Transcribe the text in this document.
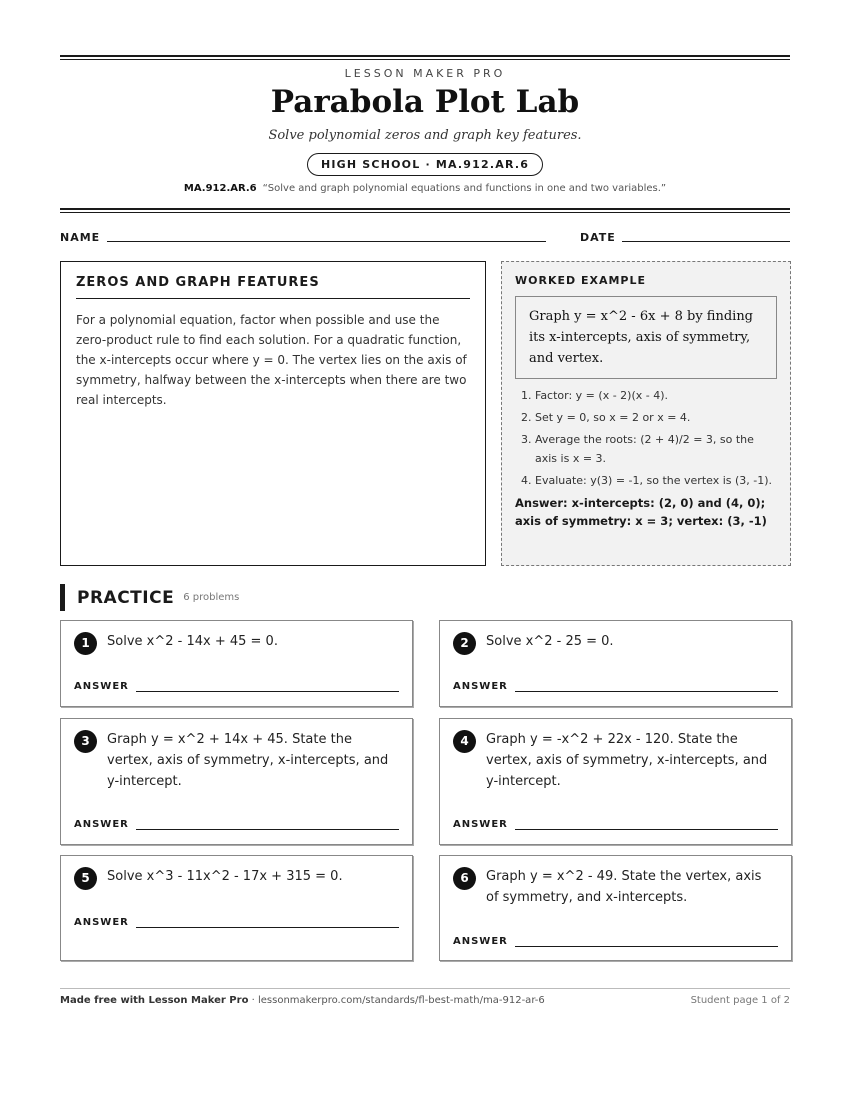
LESSON MAKER PRO
Parabola Plot Lab
Solve polynomial zeros and graph key features.
HIGH SCHOOL · MA.912.AR.6
MA.912.AR.6 “Solve and graph polynomial equations and functions in one and two variables.”
NAME	DATE
ZEROS AND GRAPH FEATURES

For a polynomial equation, factor when possible and use the zero-product rule to find each solution. For a quadratic function, the x-intercepts occur where y = 0. The vertex lies on the axis of symmetry, halfway between the x-intercepts when there are two real intercepts.

WORKED EXAMPLE
Graph y = x^2 - 6x + 8 by finding its x-intercepts, axis of symmetry, and vertex.
1. Factor: y = (x - 2)(x - 4).
2. Set y = 0, so x = 2 or x = 4.
3. Average the roots: (2 + 4)/2 = 3, so the axis is x = 3.
4. Evaluate: y(3) = -1, so the vertex is (3, -1).
Answer: x-intercepts: (2, 0) and (4, 0); axis of symmetry: x = 3; vertex: (3, -1)
PRACTICE 6 problems
1	Solve x^2 - 14x + 45 = 0.
ANSWER
2	Solve x^2 - 25 = 0.
ANSWER
3	Graph y = x^2 + 14x + 45. State the vertex, axis of symmetry, x-intercepts, and y-intercept.
ANSWER
4	Graph y = -x^2 + 22x - 120. State the vertex, axis of symmetry, x-intercepts, and y-intercept.
ANSWER
5	Solve x^3 - 11x^2 - 17x + 315 = 0.
ANSWER
6	Graph y = x^2 - 49. State the vertex, axis of symmetry, and x-intercepts.
ANSWER
Made free with Lesson Maker Pro · lessonmakerpro.com/standards/fl-best-math/ma-912-ar-6	Student page 1 of 2
